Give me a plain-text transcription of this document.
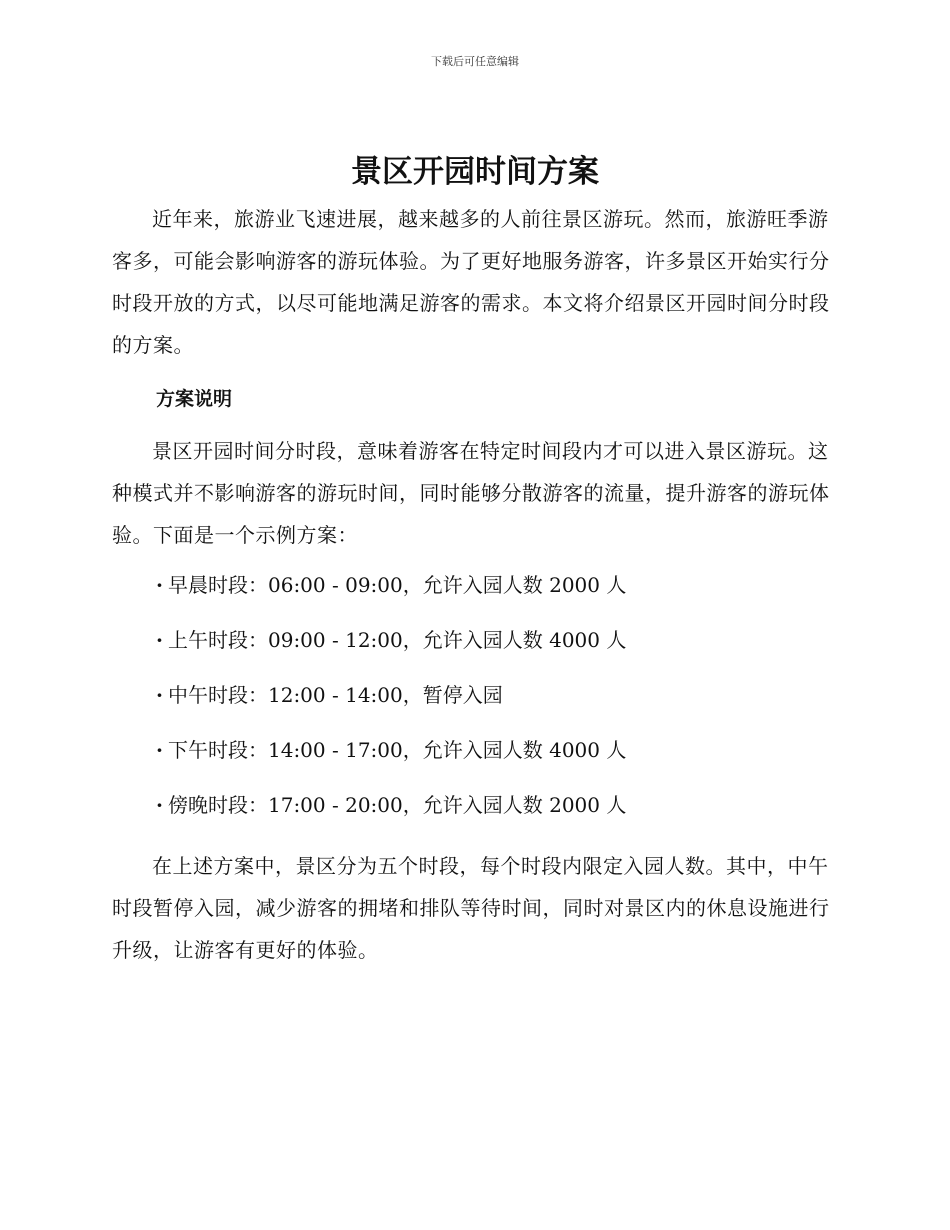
下载后可任意编辑
景区开园时间方案

近年来，旅游业飞速进展，越来越多的人前往景区游玩。然而，旅游旺季游客多，可能会影响游客的游玩体验。为了更好地服务游客，许多景区开始实行分时段开放的方式，以尽可能地满足游客的需求。本文将介绍景区开园时间分时段的方案。

方案说明

景区开园时间分时段，意味着游客在特定时间段内才可以进入景区游玩。这种模式并不影响游客的游玩时间，同时能够分散游客的流量，提升游客的游玩体验。下面是一个示例方案：

· 早晨时段：06:00 - 09:00，允许入园人数 2000 人
· 上午时段：09:00 - 12:00，允许入园人数 4000 人
· 中午时段：12:00 - 14:00，暂停入园
· 下午时段：14:00 - 17:00，允许入园人数 4000 人
· 傍晚时段：17:00 - 20:00，允许入园人数 2000 人

在上述方案中，景区分为五个时段，每个时段内限定入园人数。其中，中午时段暂停入园，减少游客的拥堵和排队等待时间，同时对景区内的休息设施进行升级，让游客有更好的体验。
